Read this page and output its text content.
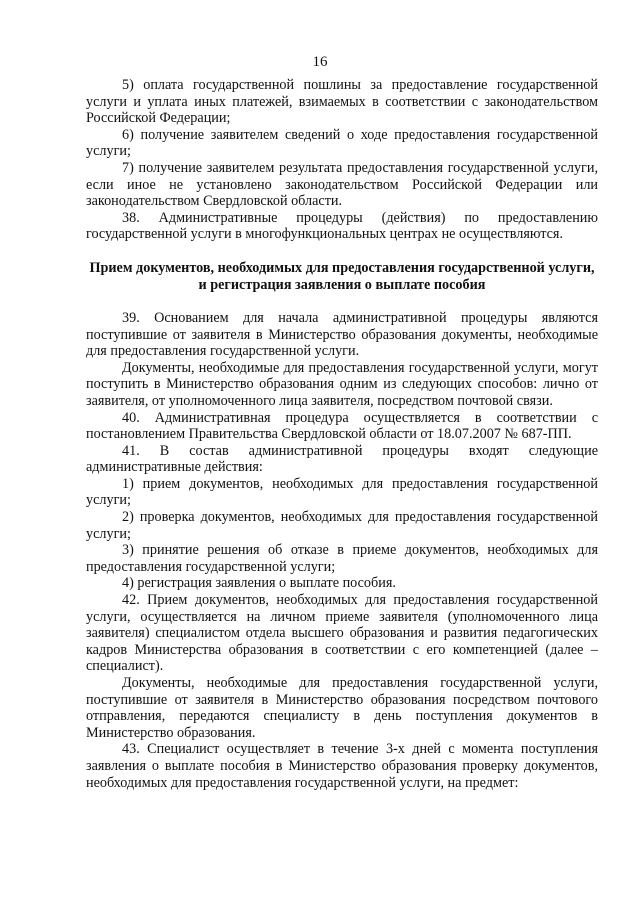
16

5) оплата государственной пошлины за предоставление государственной услуги и уплата иных платежей, взимаемых в соответствии с законодательством Российской Федерации;

6) получение заявителем сведений о ходе предоставления государственной услуги;

7) получение заявителем результата предоставления государственной услуги, если иное не установлено законодательством Российской Федерации или законодательством Свердловской области.

38. Административные процедуры (действия) по предоставлению государственной услуги в многофункциональных центрах не осуществляются.

Прием документов, необходимых для предоставления государственной услуги, и регистрация заявления о выплате пособия

39. Основанием для начала административной процедуры являются поступившие от заявителя в Министерство образования документы, необходимые для предоставления государственной услуги.

Документы, необходимые для предоставления государственной услуги, могут поступить в Министерство образования одним из следующих способов: лично от заявителя, от уполномоченного лица заявителя, посредством почтовой связи.

40. Административная процедура осуществляется в соответствии с постановлением Правительства Свердловской области от 18.07.2007 № 687-ПП.

41. В состав административной процедуры входят следующие административные действия:

1) прием документов, необходимых для предоставления государственной услуги;

2) проверка документов, необходимых для предоставления государственной услуги;

3) принятие решения об отказе в приеме документов, необходимых для предоставления государственной услуги;

4) регистрация заявления о выплате пособия.

42. Прием документов, необходимых для предоставления государственной услуги, осуществляется на личном приеме заявителя (уполномоченного лица заявителя) специалистом отдела высшего образования и развития педагогических кадров Министерства образования в соответствии с его компетенцией (далее – специалист).

Документы, необходимые для предоставления государственной услуги, поступившие от заявителя в Министерство образования посредством почтового отправления, передаются специалисту в день поступления документов в Министерство образования.

43. Специалист осуществляет в течение 3-х дней с момента поступления заявления о выплате пособия в Министерство образования проверку документов, необходимых для предоставления государственной услуги, на предмет:
